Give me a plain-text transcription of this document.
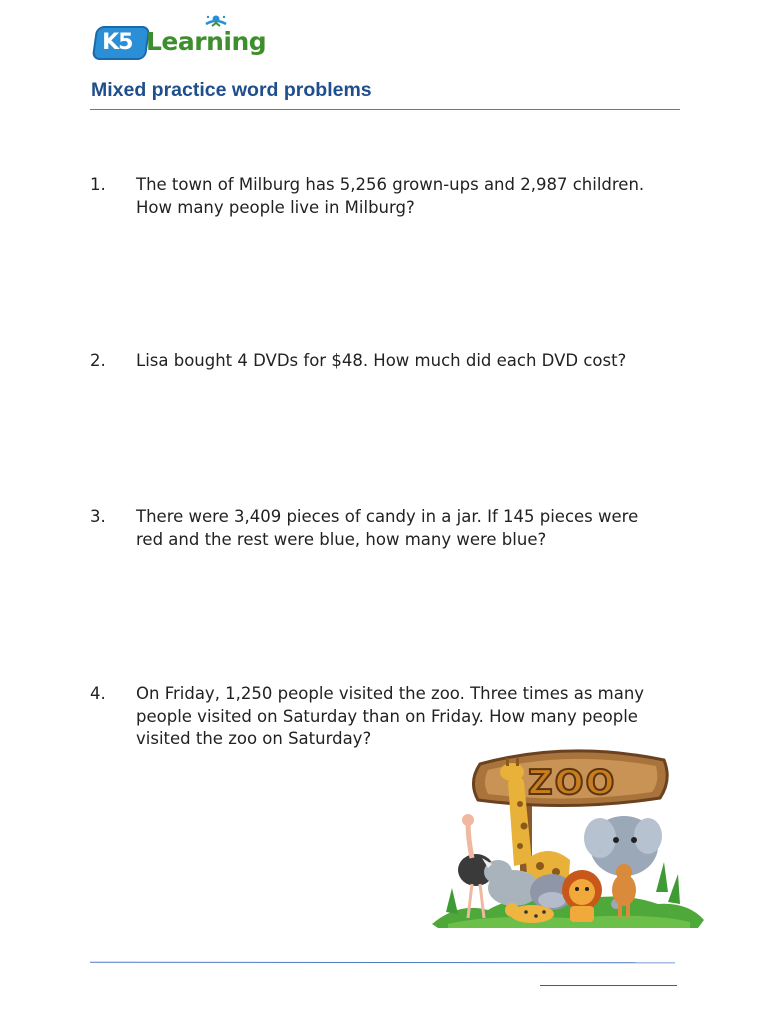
K5 Learning
Mixed practice word problems
1. The town of Milburg has 5,256 grown-ups and 2,987 children.
How many people live in Milburg?
2. Lisa bought 4 DVDs for $48. How much did each DVD cost?
3. There were 3,409 pieces of candy in a jar. If 145 pieces were
red and the rest were blue, how many were blue?
4. On Friday, 1,250 people visited the zoo. Three times as many
people visited on Saturday than on Friday. How many people
visited the zoo on Saturday?
ZOO
